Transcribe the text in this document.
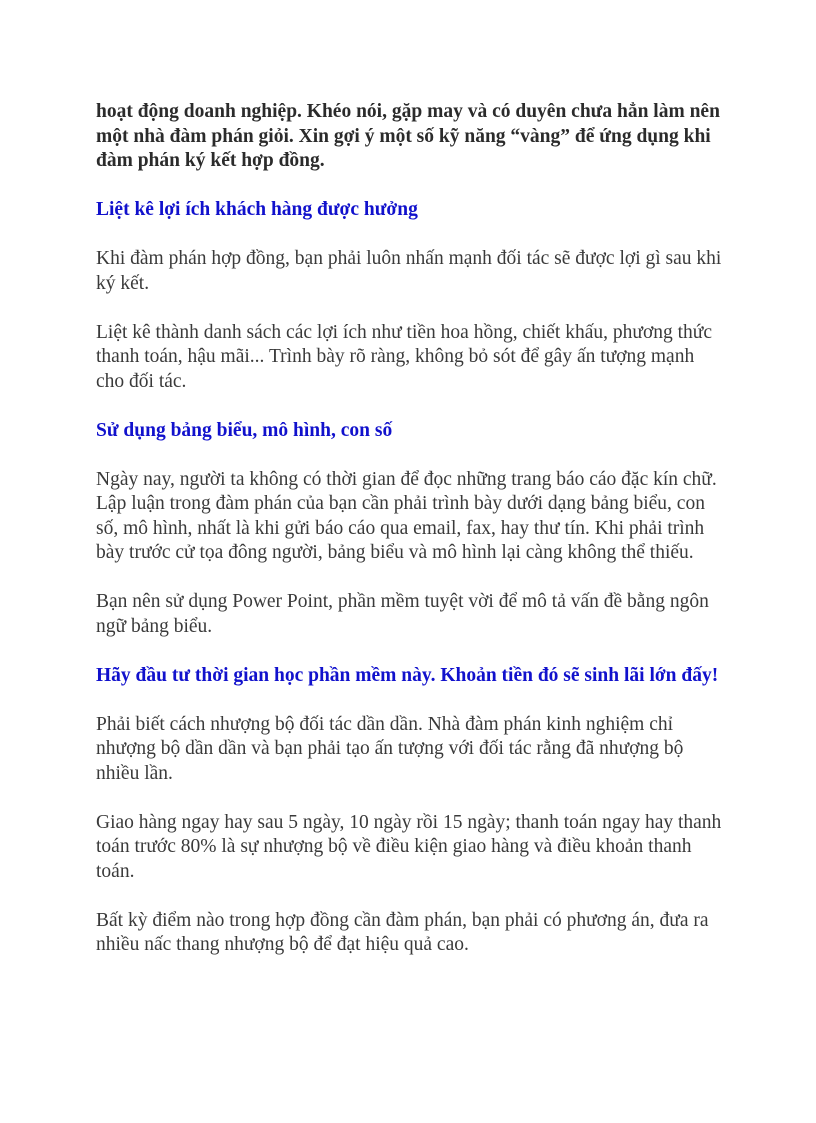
hoạt động doanh nghiệp. Khéo nói, gặp may và có duyên chưa hẳn làm nên một nhà đàm phán giỏi. Xin gợi ý một số kỹ năng “vàng” để ứng dụng khi đàm phán ký kết hợp đồng.

Liệt kê lợi ích khách hàng được hưởng

Khi đàm phán hợp đồng, bạn phải luôn nhấn mạnh đối tác sẽ được lợi gì sau khi ký kết.

Liệt kê thành danh sách các lợi ích như tiền hoa hồng, chiết khấu, phương thức thanh toán, hậu mãi... Trình bày rõ ràng, không bỏ sót để gây ấn tượng mạnh cho đối tác.

Sử dụng bảng biểu, mô hình, con số

Ngày nay, người ta không có thời gian để đọc những trang báo cáo đặc kín chữ. Lập luận trong đàm phán của bạn cần phải trình bày dưới dạng bảng biểu, con số, mô hình, nhất là khi gửi báo cáo qua email, fax, hay thư tín. Khi phải trình bày trước cử tọa đông người, bảng biểu và mô hình lại càng không thể thiếu.

Bạn nên sử dụng Power Point, phần mềm tuyệt vời để mô tả vấn đề bằng ngôn ngữ bảng biểu.

Hãy đầu tư thời gian học phần mềm này. Khoản tiền đó sẽ sinh lãi lớn đấy!

Phải biết cách nhượng bộ đối tác dần dần. Nhà đàm phán kinh nghiệm chỉ nhượng bộ dần dần và bạn phải tạo ấn tượng với đối tác rằng đã nhượng bộ nhiều lần.

Giao hàng ngay hay sau 5 ngày, 10 ngày rồi 15 ngày; thanh toán ngay hay thanh toán trước 80% là sự nhượng bộ về điều kiện giao hàng và điều khoản thanh toán.

Bất kỳ điểm nào trong hợp đồng cần đàm phán, bạn phải có phương án, đưa ra nhiều nấc thang nhượng bộ để đạt hiệu quả cao.
